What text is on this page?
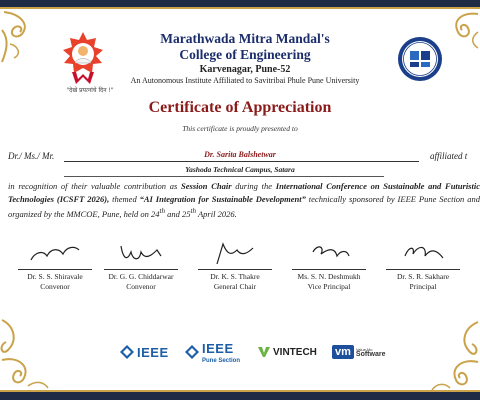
"देखे प्रयत्नांचे दिन !"
Marathwada Mitra Mandal's
College of Engineering
Karvenagar, Pune-52
An Autonomous Institute Affiliated to Savitribai Phule Pune University
Certificate of Appreciation
This certificate is proudly presented to
Dr./ Ms./ Mr.	Dr. Sarita Balshetwar	affiliated t
Yashoda Technical Campus, Satara
in recognition of their valuable contribution as Session Chair during the International Conference on Sustainable and Futuristic Technologies (ICSFT 2026), themed “AI Integration for Sustainable Development” technically sponsored by IEEE Pune Section and organized by the MMCOE, Pune, held on 24th and 25th April 2026.
Dr. S. S. Shiravale
Convenor
Dr. G. G. Chiddarwar
Convenor
Dr. K. S. Thakre
General Chair
Ms. S. N. Deshmukh
Vice Principal
Dr. S. R. Sakhare
Principal
IEEE	IEEE
Pune Section
VINTECH vm	Value Mo
Software
